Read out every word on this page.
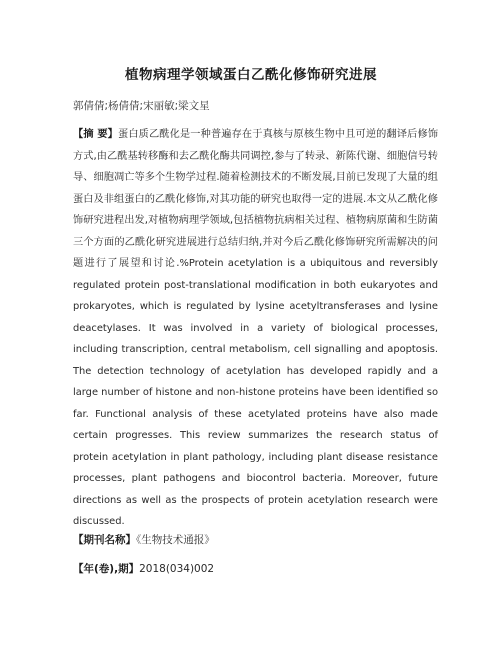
植物病理学领域蛋白乙酰化修饰研究进展
郭倩倩;杨倩倩;宋丽敏;梁文星
【摘 要】蛋白质乙酰化是一种普遍存在于真核与原核生物中且可逆的翻译后修饰方式,由乙酰基转移酶和去乙酰化酶共同调控,参与了转录、新陈代谢、细胞信号转导、细胞凋亡等多个生物学过程.随着检测技术的不断发展,目前已发现了大量的组蛋白及非组蛋白的乙酰化修饰,对其功能的研究也取得一定的进展.本文从乙酰化修饰研究进程出发,对植物病理学领域,包括植物抗病相关过程、植物病原菌和生防菌三个方面的乙酰化研究进展进行总结归纳,并对今后乙酰化修饰研究所需解决的问题进行了展望和讨论.%Protein acetylation is a ubiquitous and reversibly regulated protein post-translational modification in both eukaryotes and prokaryotes, which is regulated by lysine acetyltransferases and lysine deacetylases. It was involved in a variety of biological processes, including transcription, central metabolism, cell signalling and apoptosis. The detection technology of acetylation has developed rapidly and a large number of histone and non-histone proteins have been identified so far. Functional analysis of these acetylated proteins have also made certain progresses. This review summarizes the research status of protein acetylation in plant pathology, including plant disease resistance processes, plant pathogens and biocontrol bacteria. Moreover, future directions as well as the prospects of protein acetylation research were discussed.
【期刊名称】《生物技术通报》
【年(卷),期】2018(034)002
